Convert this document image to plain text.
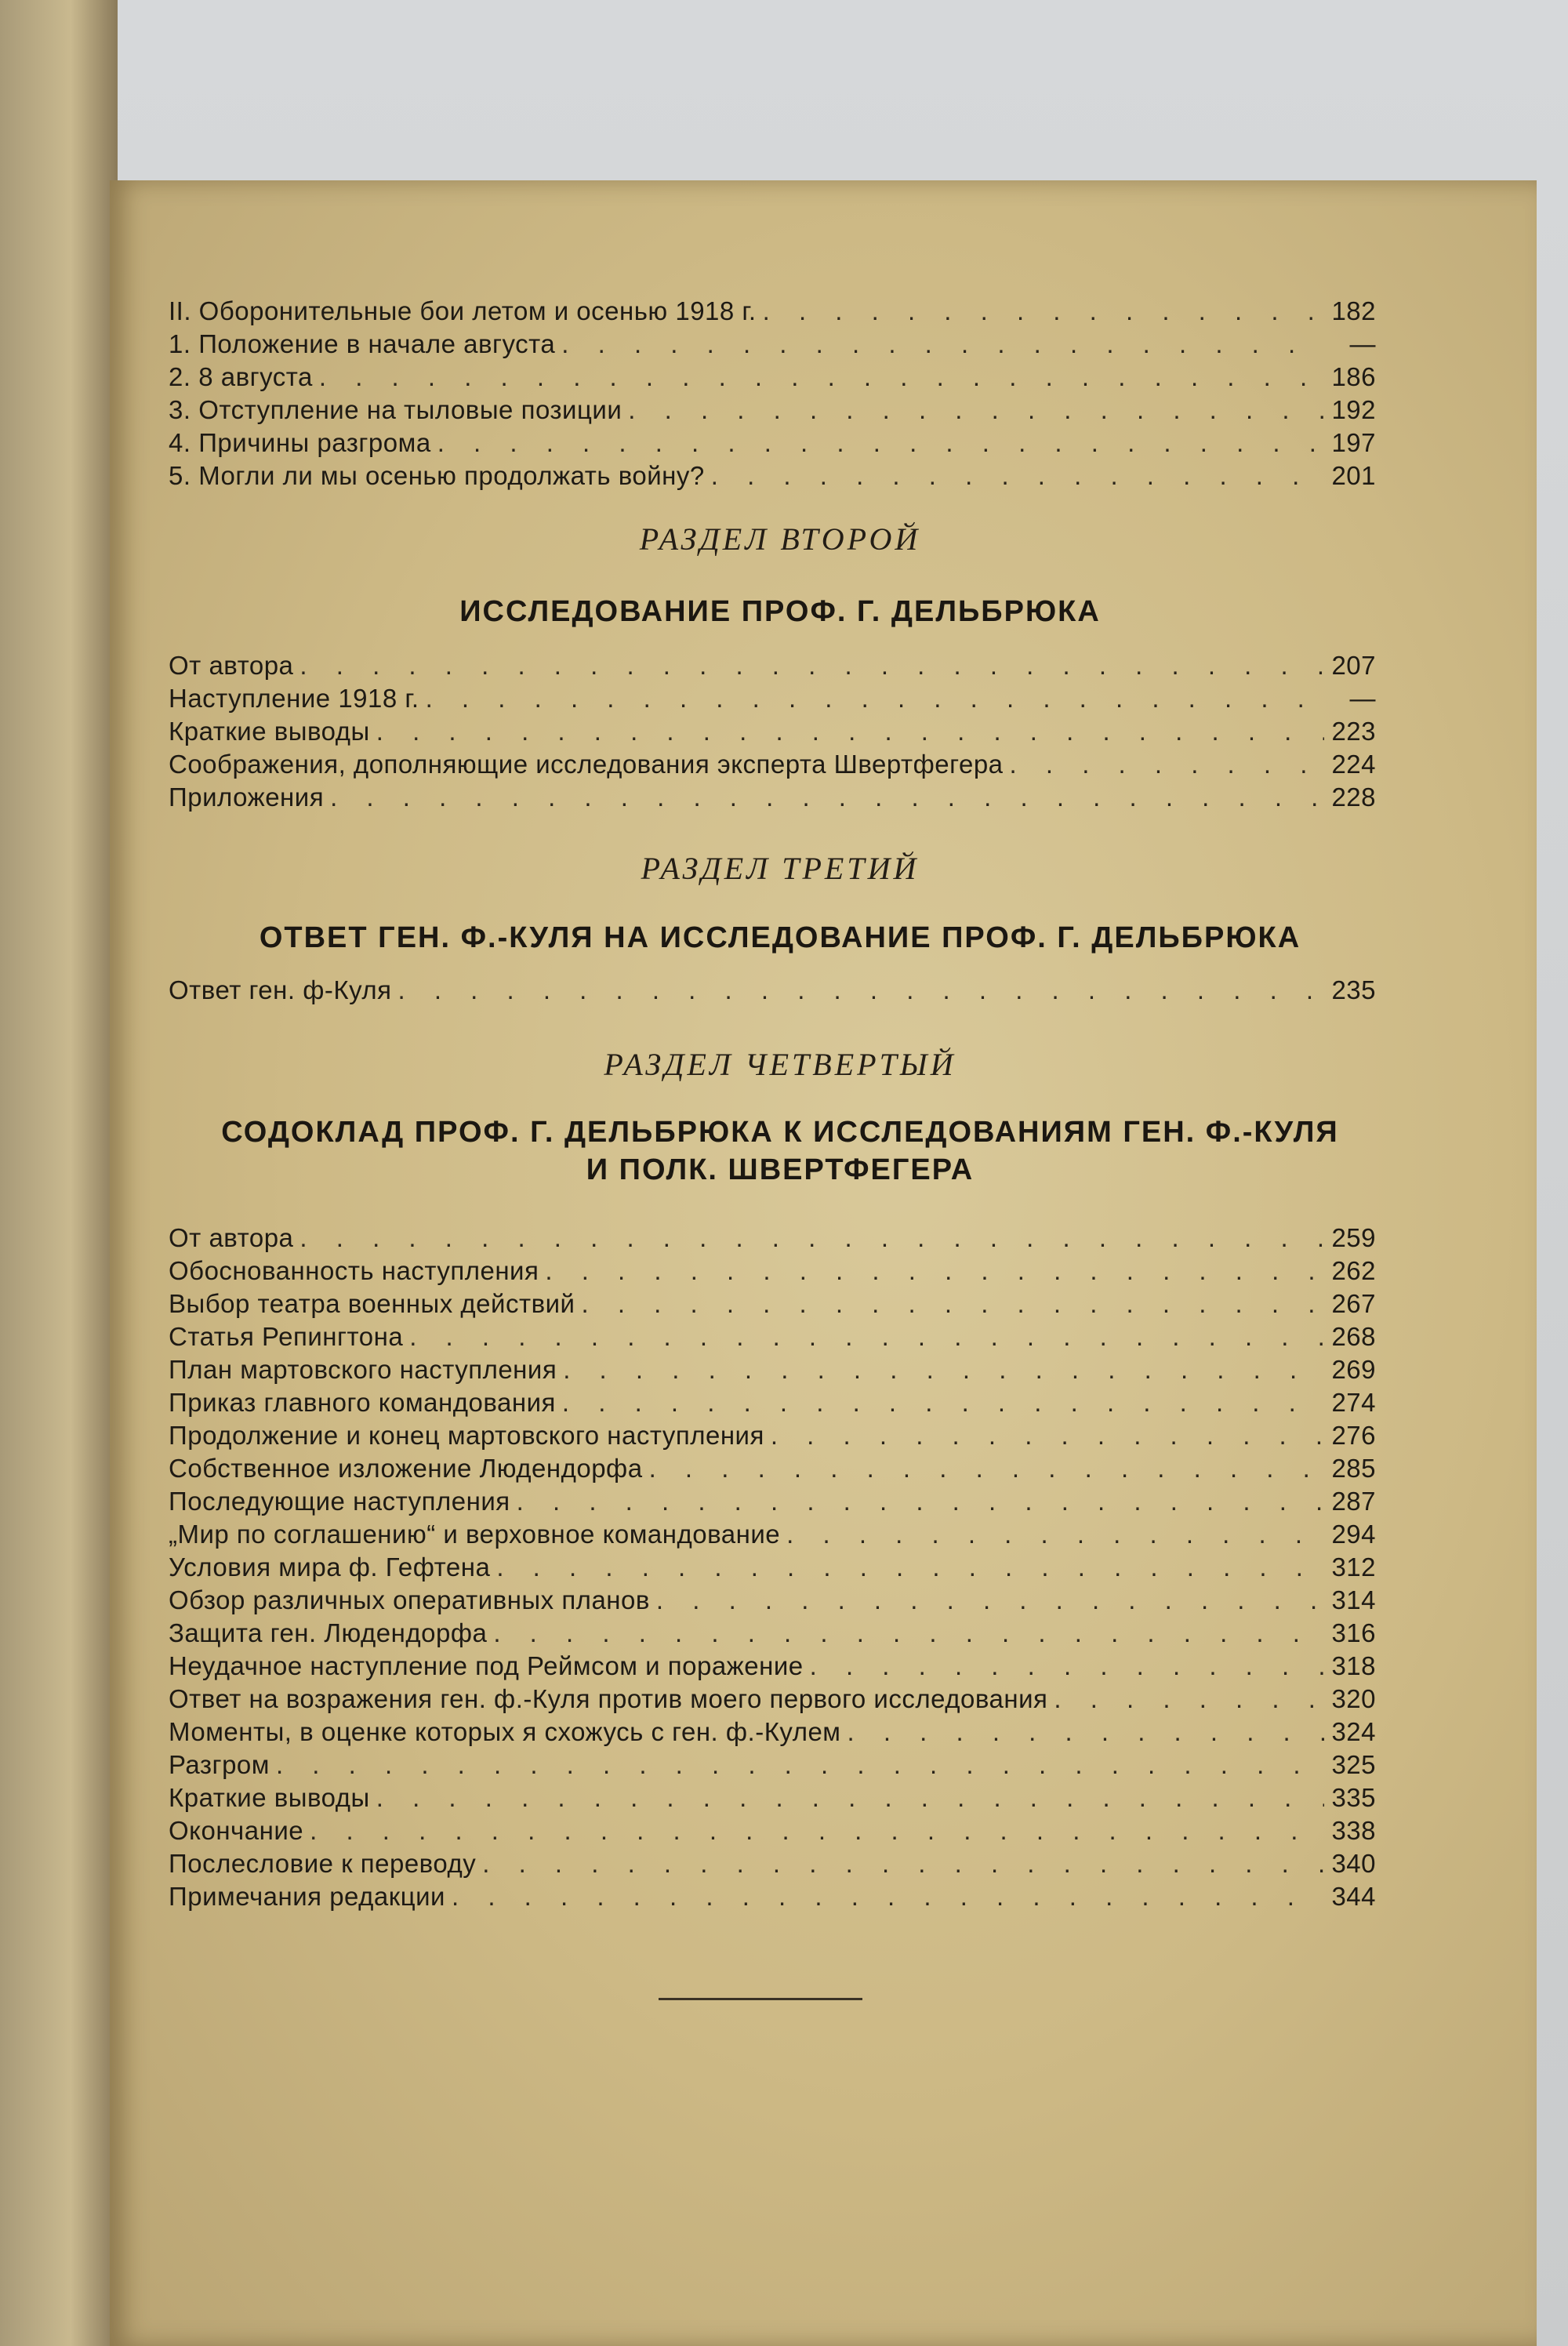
II. Оборонительные бои летом и осенью 1918 г. . . .	182
1. Положение в начале августа . . .	—
2. 8 августа . . .	186
3. Отступление на тыловые позиции . . .	192
4. Причины разгрома . . .	197
5. Могли ли мы осенью продолжать войну? . . .	201
РАЗДЕЛ ВТОРОЙ
ИССЛЕДОВАНИЕ ПРОФ. Г. ДЕЛЬБРЮКА
От автора . . .	207
Наступление 1918 г. . . .	—
Краткие выводы . . .	223
Соображения, дополняющие исследования эксперта Швертфегера . . .	224
Приложения . . .	228
РАЗДЕЛ ТРЕТИЙ
ОТВЕТ ГЕН. Ф.-КУЛЯ НА ИССЛЕДОВАНИЕ ПРОФ. Г. ДЕЛЬБРЮКА
Ответ ген. ф-Куля . . .	235
РАЗДЕЛ ЧЕТВЕРТЫЙ
СОДОКЛАД ПРОФ. Г. ДЕЛЬБРЮКА К ИССЛЕДОВАНИЯМ ГЕН. Ф.-КУЛЯ
И ПОЛК. ШВЕРТФЕГЕРА
От автора . . .	259
Обоснованность наступления . . .	262
Выбор театра военных действий . . .	267
Статья Репингтона . . .	268
План мартовского наступления . . .	269
Приказ главного командования . . .	274
Продолжение и конец мартовского наступления . . .	276
Собственное изложение Людендорфа . . .	285
Последующие наступления . . .	287
„Мир по соглашению“ и верховное командование . . .	294
Условия мира ф. Гефтена . . .	312
Обзор различных оперативных планов . . .	314
Защита ген. Людендорфа . . .	316
Неудачное наступление под Реймсом и поражение . . .	318
Ответ на возражения ген. ф.-Куля против моего первого исследования . . .	320
Моменты, в оценке которых я схожусь с ген. ф.-Кулем . . .	324
Разгром . . .	325
Краткие выводы . . .	335
Окончание . . .	338
Послесловие к переводу . . .	340
Примечания редакции . . .	344
